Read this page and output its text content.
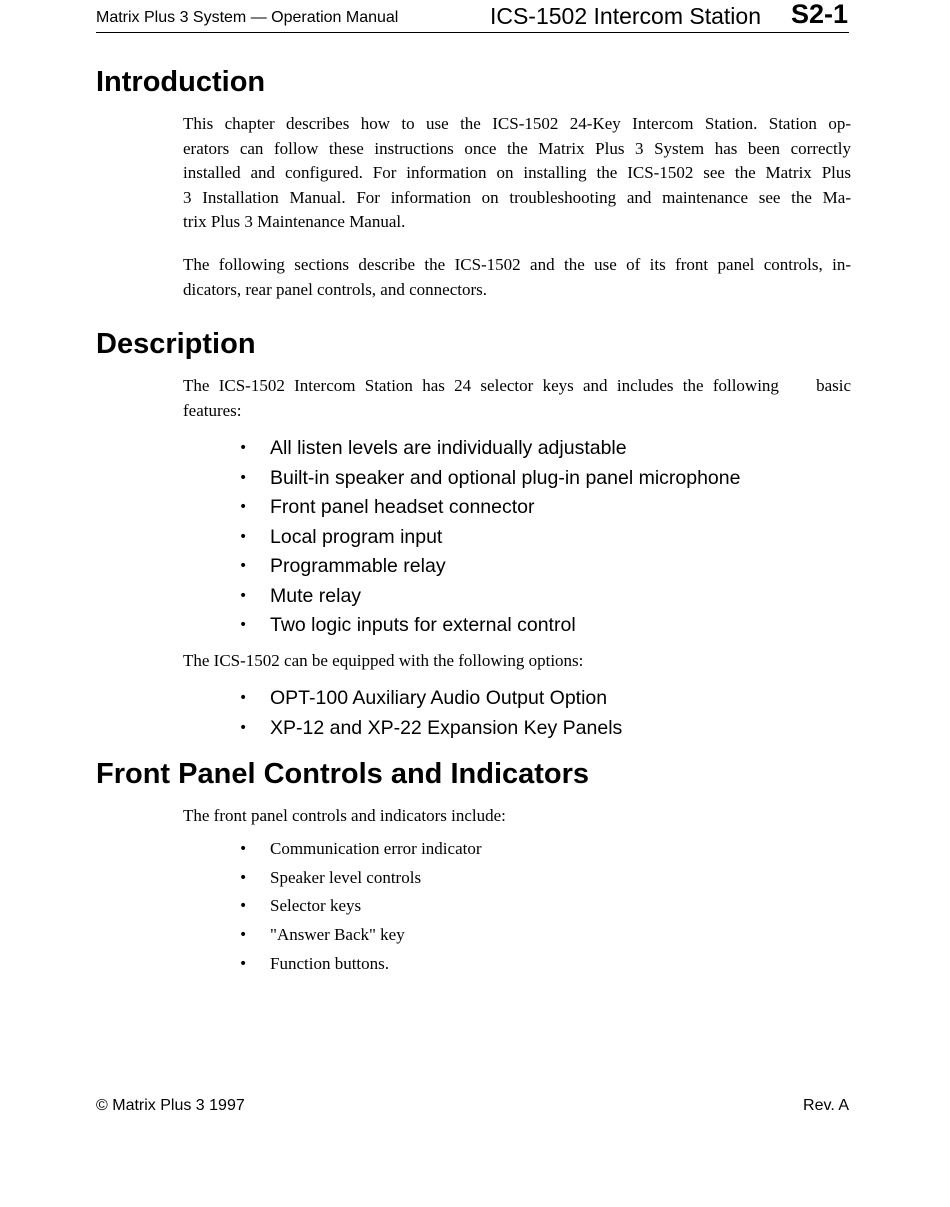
Matrix Plus 3 System — Operation Manual	ICS-1502 Intercom Station S2-1
Introduction

This chapter describes how to use the ICS-1502 24-Key Intercom Station. Station op-
erators can follow these instructions once the Matrix Plus 3 System has been correctly
installed and configured. For information on installing the ICS-1502 see the Matrix Plus
3 Installation Manual. For information on troubleshooting and maintenance see the Ma-
trix Plus 3 Maintenance Manual.

The following sections describe the ICS-1502 and the use of its front panel controls, in-
dicators, rear panel controls, and connectors.

Description

The ICS-1502 Intercom Station has 24 selector keys and includes the following    basic
features:

• All listen levels are individually adjustable
• Built-in speaker and optional plug-in panel microphone
• Front panel headset connector
• Local program input
• Programmable relay
• Mute relay
• Two logic inputs for external control

The ICS-1502 can be equipped with the following options:

• OPT-100 Auxiliary Audio Output Option
• XP-12 and XP-22 Expansion Key Panels
Front Panel Controls and Indicators

The front panel controls and indicators include:

• Communication error indicator
• Speaker level controls
• Selector keys
• "Answer Back" key
• Function buttons.
© Matrix Plus 3 1997	Rev. A
